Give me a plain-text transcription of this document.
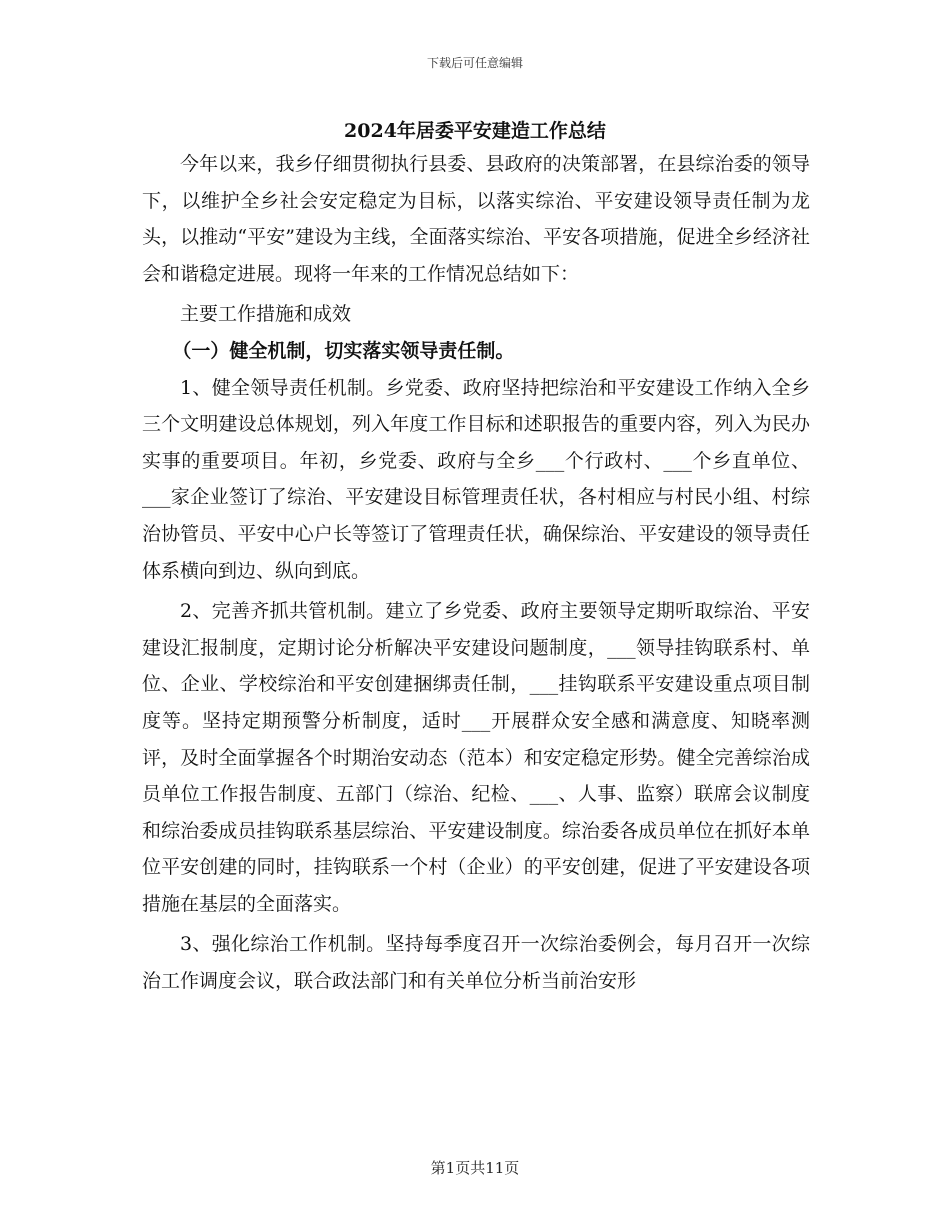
下载后可任意编辑
2024年居委平安建造工作总结

今年以来，我乡仔细贯彻执行县委、县政府的决策部署，在县综治委的领导下，以维护全乡社会安定稳定为目标，以落实综治、平安建设领导责任制为龙头，以推动“平安”建设为主线，全面落实综治、平安各项措施，促进全乡经济社会和谐稳定进展。现将一年来的工作情况总结如下：

主要工作措施和成效

（一）健全机制，切实落实领导责任制。

1、健全领导责任机制。乡党委、政府坚持把综治和平安建设工作纳入全乡三个文明建设总体规划，列入年度工作目标和述职报告的重要内容，列入为民办实事的重要项目。年初，乡党委、政府与全乡___个行政村、___个乡直单位、___家企业签订了综治、平安建设目标管理责任状，各村相应与村民小组、村综治协管员、平安中心户长等签订了管理责任状，确保综治、平安建设的领导责任体系横向到边、纵向到底。

2、完善齐抓共管机制。建立了乡党委、政府主要领导定期听取综治、平安建设汇报制度，定期讨论分析解决平安建设问题制度，___领导挂钩联系村、单位、企业、学校综治和平安创建捆绑责任制，___挂钩联系平安建设重点项目制度等。坚持定期预警分析制度，适时___开展群众安全感和满意度、知晓率测评，及时全面掌握各个时期治安动态（范本）和安定稳定形势。健全完善综治成员单位工作报告制度、五部门（综治、纪检、___、人事、监察）联席会议制度和综治委成员挂钩联系基层综治、平安建设制度。综治委各成员单位在抓好本单位平安创建的同时，挂钩联系一个村（企业）的平安创建，促进了平安建设各项措施在基层的全面落实。

3、强化综治工作机制。坚持每季度召开一次综治委例会，每月召开一次综治工作调度会议，联合政法部门和有关单位分析当前治安形

第1页共11页
